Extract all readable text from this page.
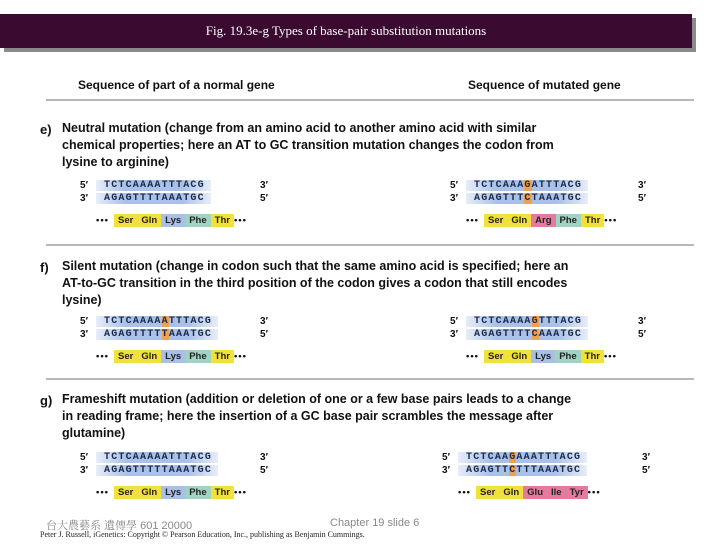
Fig. 19.3e-g Types of base-pair substitution mutations
Sequence of part of a normal gene	Sequence of mutated gene
e) Neutral mutation (change from an amino acid to another amino acid with similar chemical properties; here an AT to GC transition mutation changes the codon from lysine to arginine)
5′
3′
TCTCAAAATTTACG
AGAGTTTTAAATGC
3′
5′
••• Ser Gln Lys Phe Thr •••
5′
3′
TCTCAAAGATTTACG
AGAGTTTCTAAATGC
3′
5′
••• Ser Gln Arg Phe Thr •••
f) Silent mutation (change in codon such that the same amino acid is specified; here an AT-to-GC transition in the third position of the codon gives a codon that still encodes lysine)
5′
3′
TCTCAAAAATTTACG
AGAGTTTTTAAATGC
3′
5′
••• Ser Gln Lys Phe Thr •••
5′
3′
TCTCAAAAGTTTACG
AGAGTTTTCAAATGC
3′
5′
••• Ser Gln Lys Phe Thr •••
g) Frameshift mutation (addition or deletion of one or a few base pairs leads to a change in reading frame; here the insertion of a GC base pair scrambles the message after glutamine)
5′
3′
TCTCAAAAATTTACG
AGAGTTTTTAAATGC
3′
5′
••• Ser Gln Lys Phe Thr •••
5′
3′
TCTCAAGAAATTTACG
AGAGTTCTTTAAATGC
3′
5′
••• Ser Gln Glu Ile Tyr •••
台大農藝系 遺傳學 601 20000	Chapter 19 slide 6
Peter J. Russell, iGenetics: Copyright © Pearson Education, Inc., publishing as Benjamin Cummings.
